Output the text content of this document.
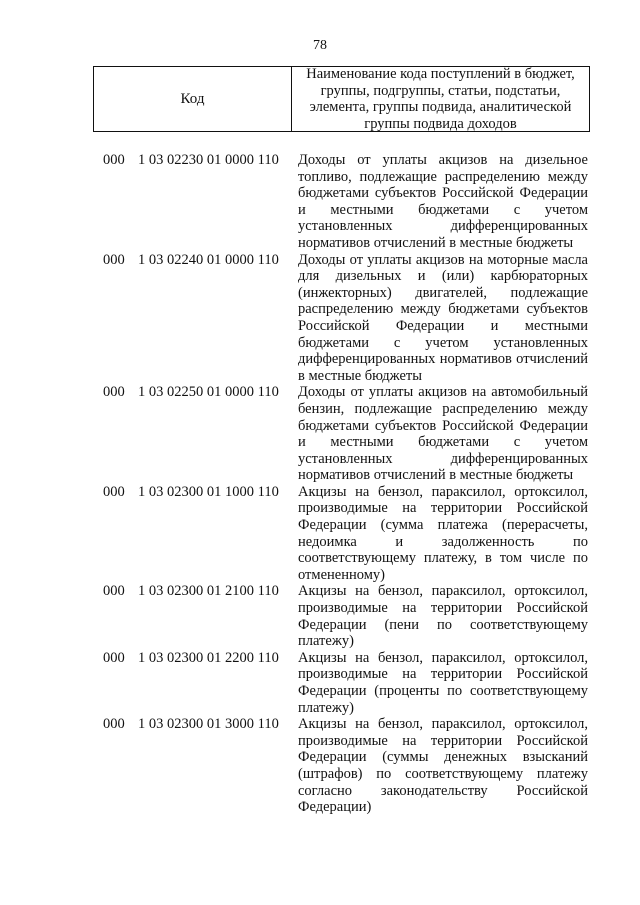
78
Код
Наименование кода поступлений в бюджет, группы, подгруппы, статьи, подстатьи, элемента, группы подвида, аналитической группы подвида доходов
000 1 03 02230 01 0000 110 Доходы от уплаты акцизов на дизельное топливо, подлежащие распределению между бюджетами субъектов Российской Федерации и местными бюджетами с учетом установленных дифференцированных нормативов отчислений в местные бюджеты
000 1 03 02240 01 0000 110 Доходы от уплаты акцизов на моторные масла для дизельных и (или) карбюраторных (инжекторных) двигателей, подлежащие распределению между бюджетами субъектов Российской Федерации и местными бюджетами с учетом установленных дифференцированных нормативов отчислений в местные бюджеты
000 1 03 02250 01 0000 110 Доходы от уплаты акцизов на автомобильный бензин, подлежащие распределению между бюджетами субъектов Российской Федерации и местными бюджетами с учетом установленных дифференцированных нормативов отчислений в местные бюджеты
000 1 03 02300 01 1000 110 Акцизы на бензол, параксилол, ортоксилол, производимые на территории Российской Федерации (сумма платежа (перерасчеты, недоимка и задолженность по соответствующему платежу, в том числе по отмененному)
000 1 03 02300 01 2100 110 Акцизы на бензол, параксилол, ортоксилол, производимые на территории Российской Федерации (пени по соответствующему платежу)
000 1 03 02300 01 2200 110 Акцизы на бензол, параксилол, ортоксилол, производимые на территории Российской Федерации (проценты по соответствующему платежу)
000 1 03 02300 01 3000 110 Акцизы на бензол, параксилол, ортоксилол, производимые на территории Российской Федерации (суммы денежных взысканий (штрафов) по соответствующему платежу согласно законодательству Российской Федерации)
